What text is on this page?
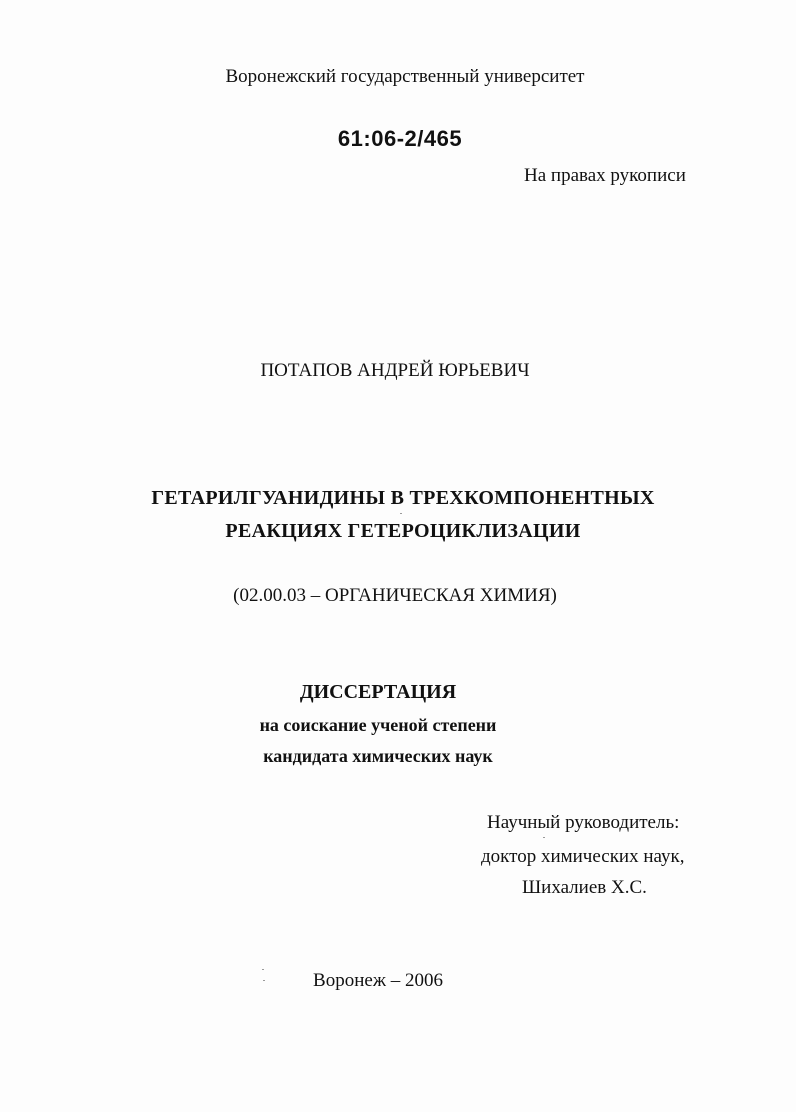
Воронежский государственный университет
61:06-2/465
На правах рукописи
ПОТАПОВ АНДРЕЙ ЮРЬЕВИЧ
ГЕТАРИЛГУАНИДИНЫ В ТРЕХКОМПОНЕНТНЫХ
РЕАКЦИЯХ ГЕТЕРОЦИКЛИЗАЦИИ
(02.00.03 – ОРГАНИЧЕСКАЯ ХИМИЯ)
ДИССЕРТАЦИЯ
на соискание ученой степени
кандидата химических наук
Научный руководитель:
доктор химических наук,
Шихалиев Х.С.
Воронеж – 2006
